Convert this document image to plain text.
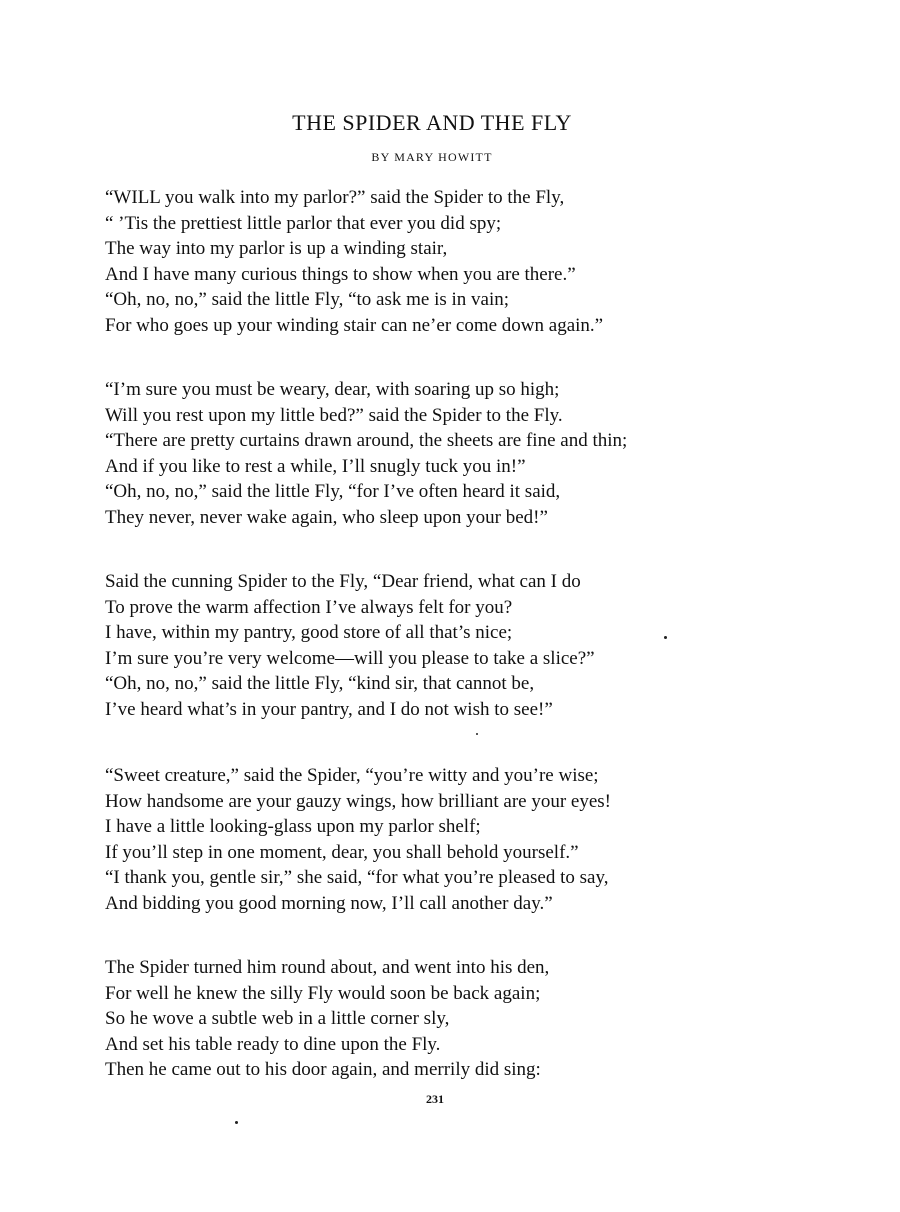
THE SPIDER AND THE FLY
BY MARY HOWITT
“WILL you walk into my parlor?” said the Spider to the Fly,
“ ’Tis the prettiest little parlor that ever you did spy;
The way into my parlor is up a winding stair,
And I have many curious things to show when you are there.”
“Oh, no, no,” said the little Fly, “to ask me is in vain;
For who goes up your winding stair can ne’er come down again.”
“I’m sure you must be weary, dear, with soaring up so high;
Will you rest upon my little bed?” said the Spider to the Fly.
“There are pretty curtains drawn around, the sheets are fine and thin;
And if you like to rest a while, I’ll snugly tuck you in!”
“Oh, no, no,” said the little Fly, “for I’ve often heard it said,
They never, never wake again, who sleep upon your bed!”
Said the cunning Spider to the Fly, “Dear friend, what can I do
To prove the warm affection I’ve always felt for you?
I have, within my pantry, good store of all that’s nice;
I’m sure you’re very welcome—will you please to take a slice?”
“Oh, no, no,” said the little Fly, “kind sir, that cannot be,
I’ve heard what’s in your pantry, and I do not wish to see!”
“Sweet creature,” said the Spider, “you’re witty and you’re wise;
How handsome are your gauzy wings, how brilliant are your eyes!
I have a little looking-glass upon my parlor shelf;
If you’ll step in one moment, dear, you shall behold yourself.”
“I thank you, gentle sir,” she said, “for what you’re pleased to say,
And bidding you good morning now, I’ll call another day.”
The Spider turned him round about, and went into his den,
For well he knew the silly Fly would soon be back again;
So he wove a subtle web in a little corner sly,
And set his table ready to dine upon the Fly.
Then he came out to his door again, and merrily did sing:
231
